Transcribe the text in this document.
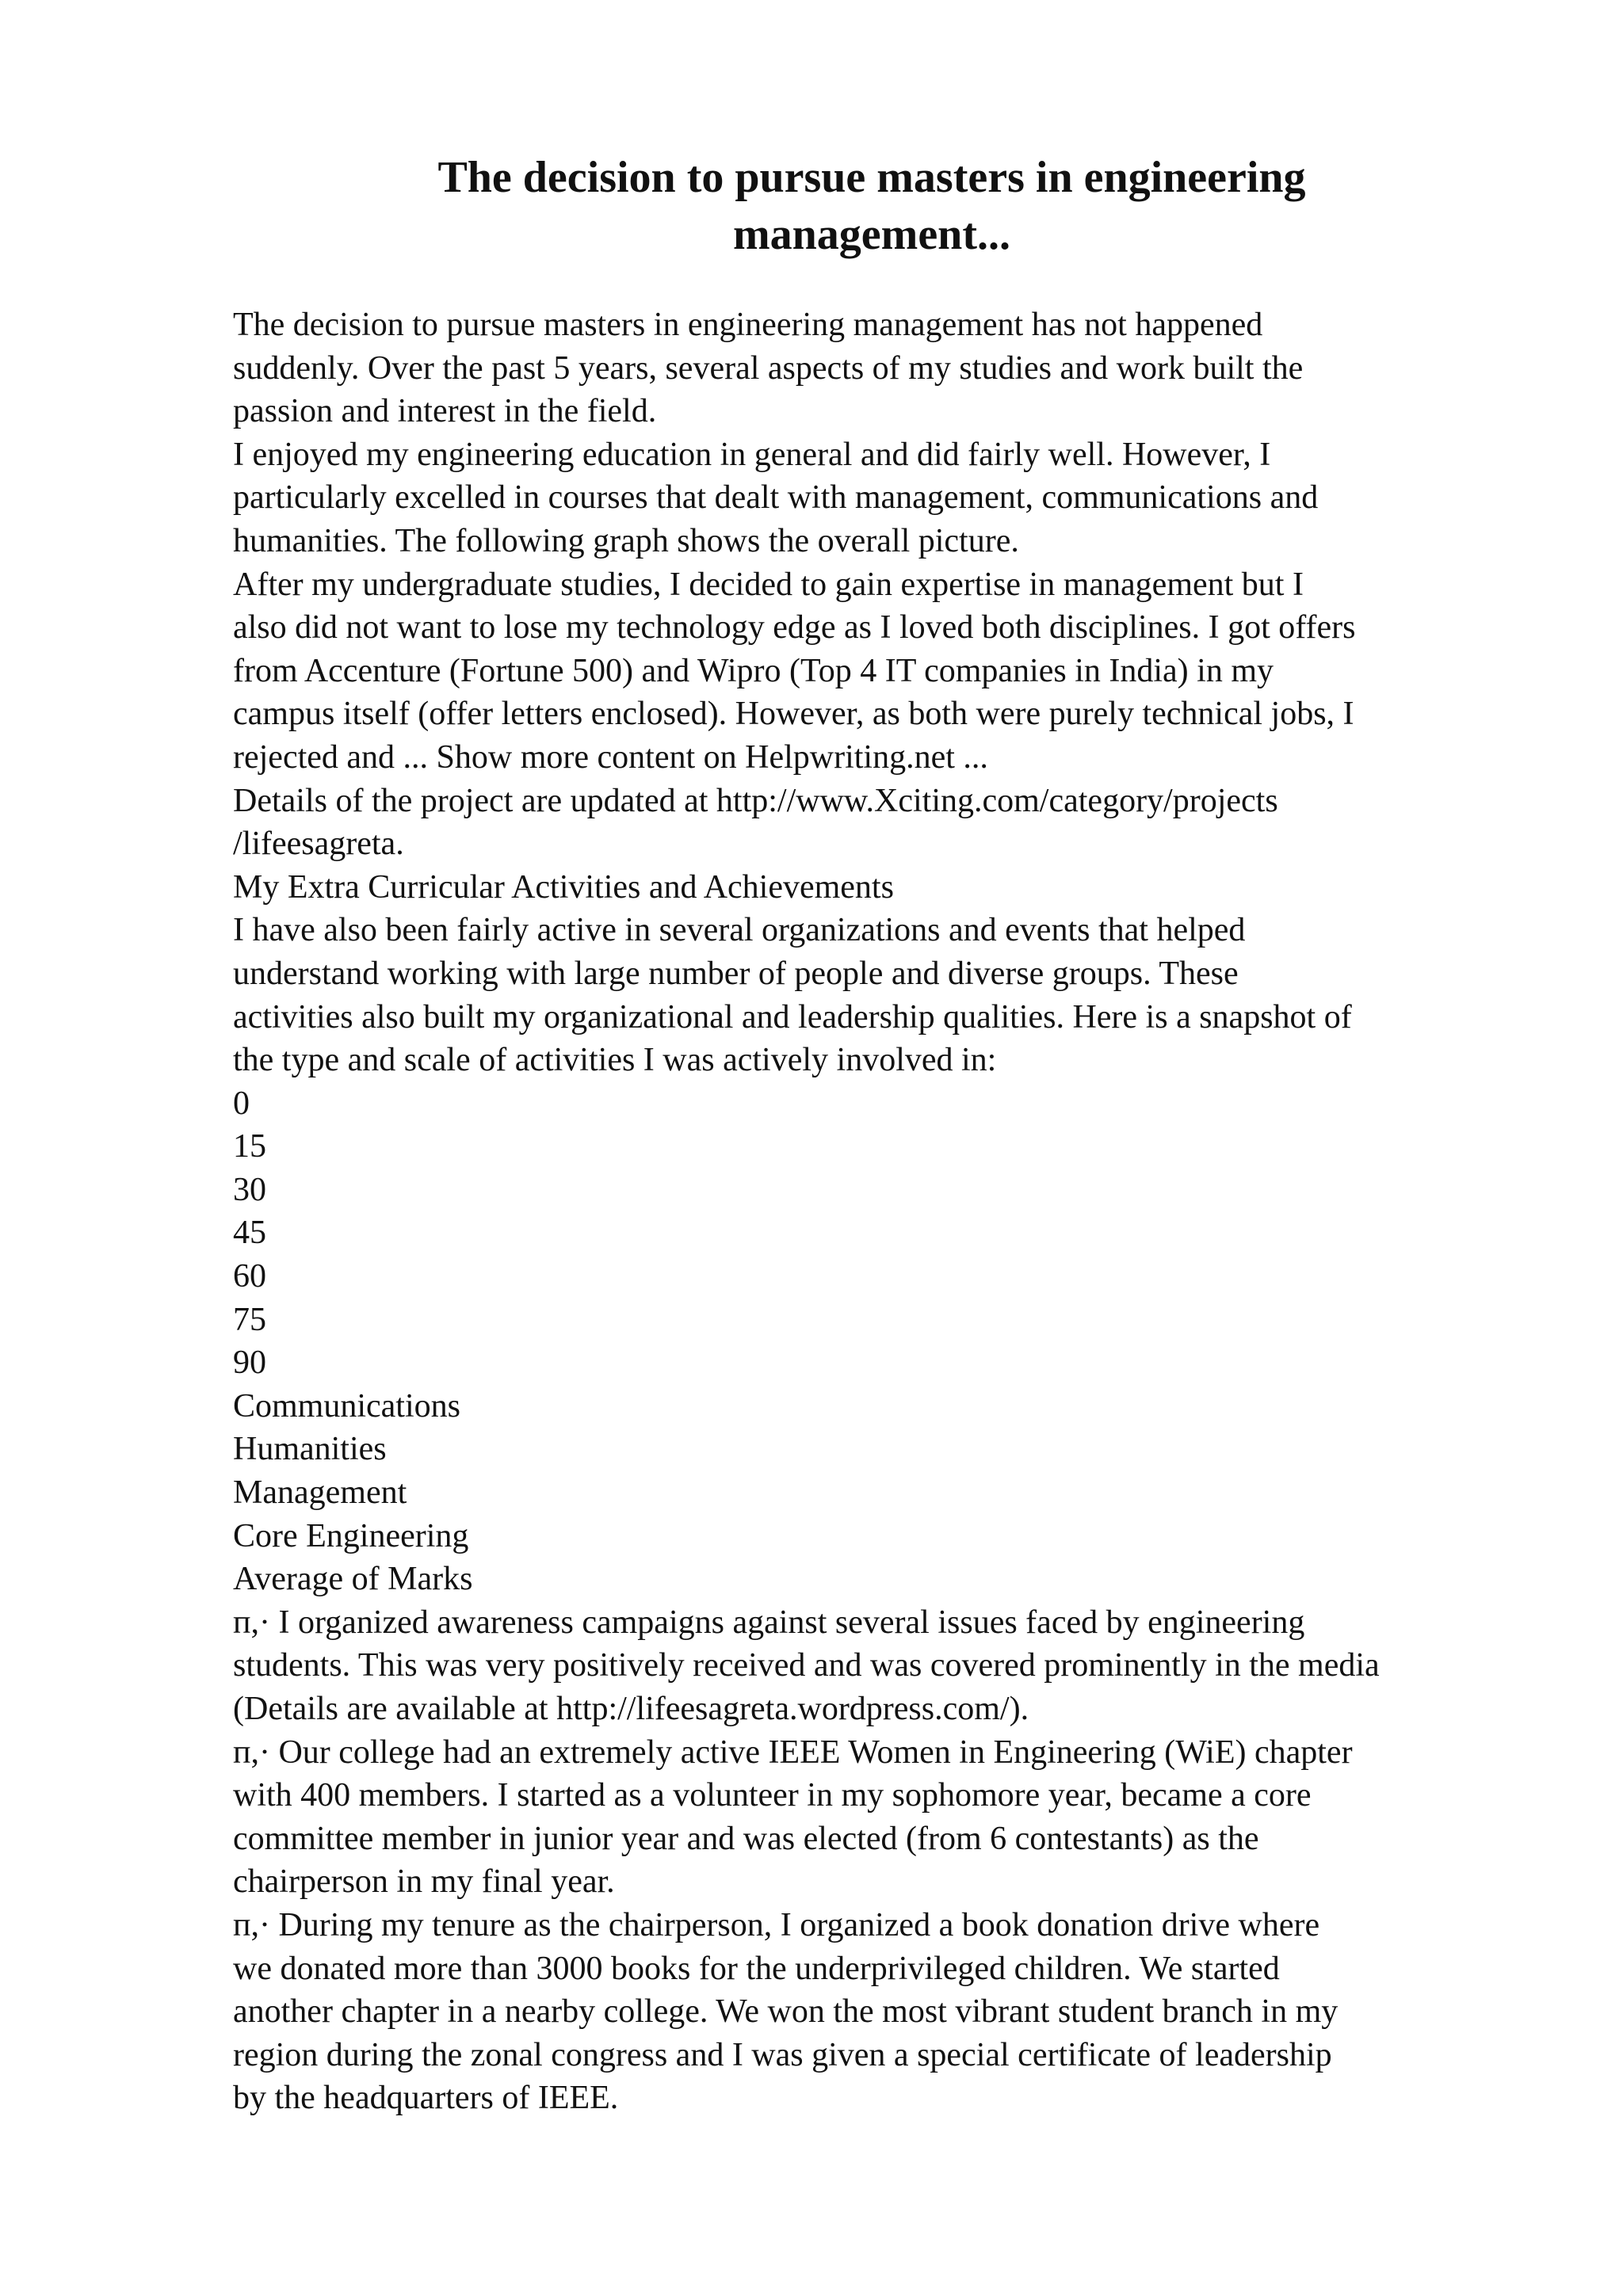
The decision to pursue masters in engineering
management...
The decision to pursue masters in engineering management has not happened
suddenly. Over the past 5 years, several aspects of my studies and work built the
passion and interest in the field.
I enjoyed my engineering education in general and did fairly well. However, I
particularly excelled in courses that dealt with management, communications and
humanities. The following graph shows the overall picture.
After my undergraduate studies, I decided to gain expertise in management but I
also did not want to lose my technology edge as I loved both disciplines. I got offers
from Accenture (Fortune 500) and Wipro (Top 4 IT companies in India) in my
campus itself (offer letters enclosed). However, as both were purely technical jobs, I
rejected and ... Show more content on Helpwriting.net ...
Details of the project are updated at http://www.Xciting.com/category/projects
/lifeesagreta.
My Extra Curricular Activities and Achievements
I have also been fairly active in several organizations and events that helped
understand working with large number of people and diverse groups. These
activities also built my organizational and leadership qualities. Here is a snapshot of
the type and scale of activities I was actively involved in:
0
15
30
45
60
75
90
Communications
Humanities
Management
Core Engineering
Average of Marks
п,· I organized awareness campaigns against several issues faced by engineering
students. This was very positively received and was covered prominently in the media
(Details are available at http://lifeesagreta.wordpress.com/).
п,· Our college had an extremely active IEEE Women in Engineering (WiE) chapter
with 400 members. I started as a volunteer in my sophomore year, became a core
committee member in junior year and was elected (from 6 contestants) as the
chairperson in my final year.
п,· During my tenure as the chairperson, I organized a book donation drive where
we donated more than 3000 books for the underprivileged children. We started
another chapter in a nearby college. We won the most vibrant student branch in my
region during the zonal congress and I was given a special certificate of leadership
by the headquarters of IEEE.
